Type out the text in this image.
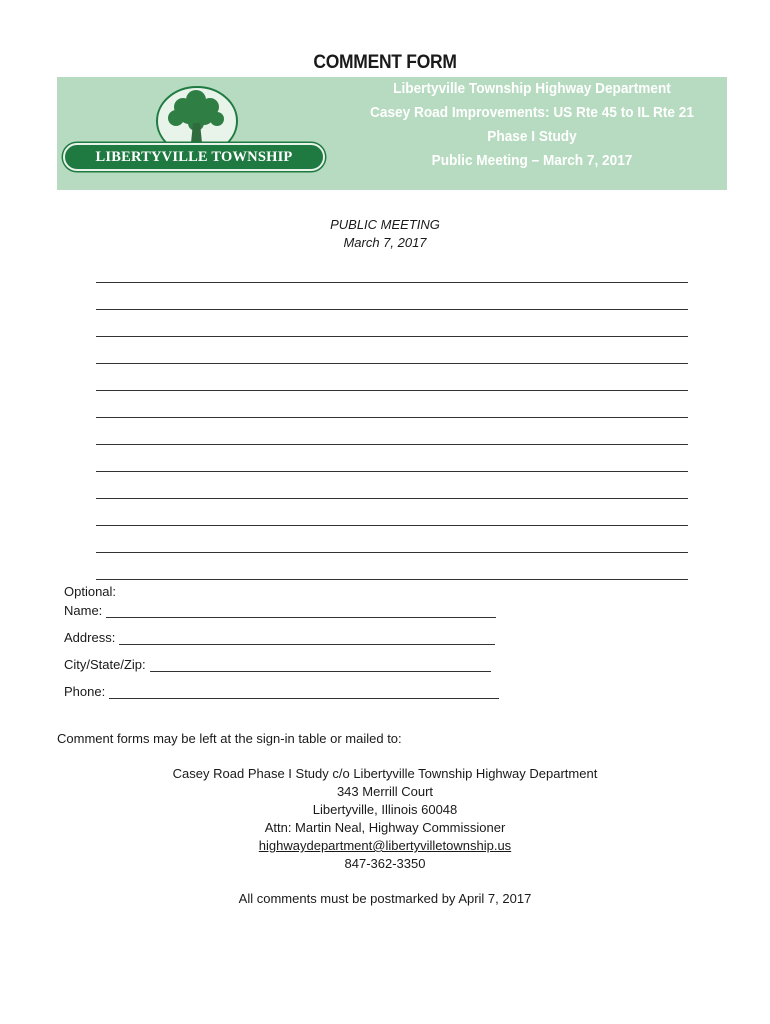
COMMENT FORM
LIBERTYVILLE TOWNSHIP
Libertyville Township Highway Department
Casey Road Improvements: US Rte 45 to IL Rte 21
Phase I Study
Public Meeting – March 7, 2017
PUBLIC MEETING
March 7, 2017
Optional:
Name:
Address:
City/State/Zip:
Phone:
Comment forms may be left at the sign-in table or mailed to:
Casey Road Phase I Study c/o Libertyville Township Highway Department
343 Merrill Court
Libertyville, Illinois 60048
Attn: Martin Neal, Highway Commissioner
highwaydepartment@libertyvilletownship.us
847-362-3350
All comments must be postmarked by April 7, 2017
